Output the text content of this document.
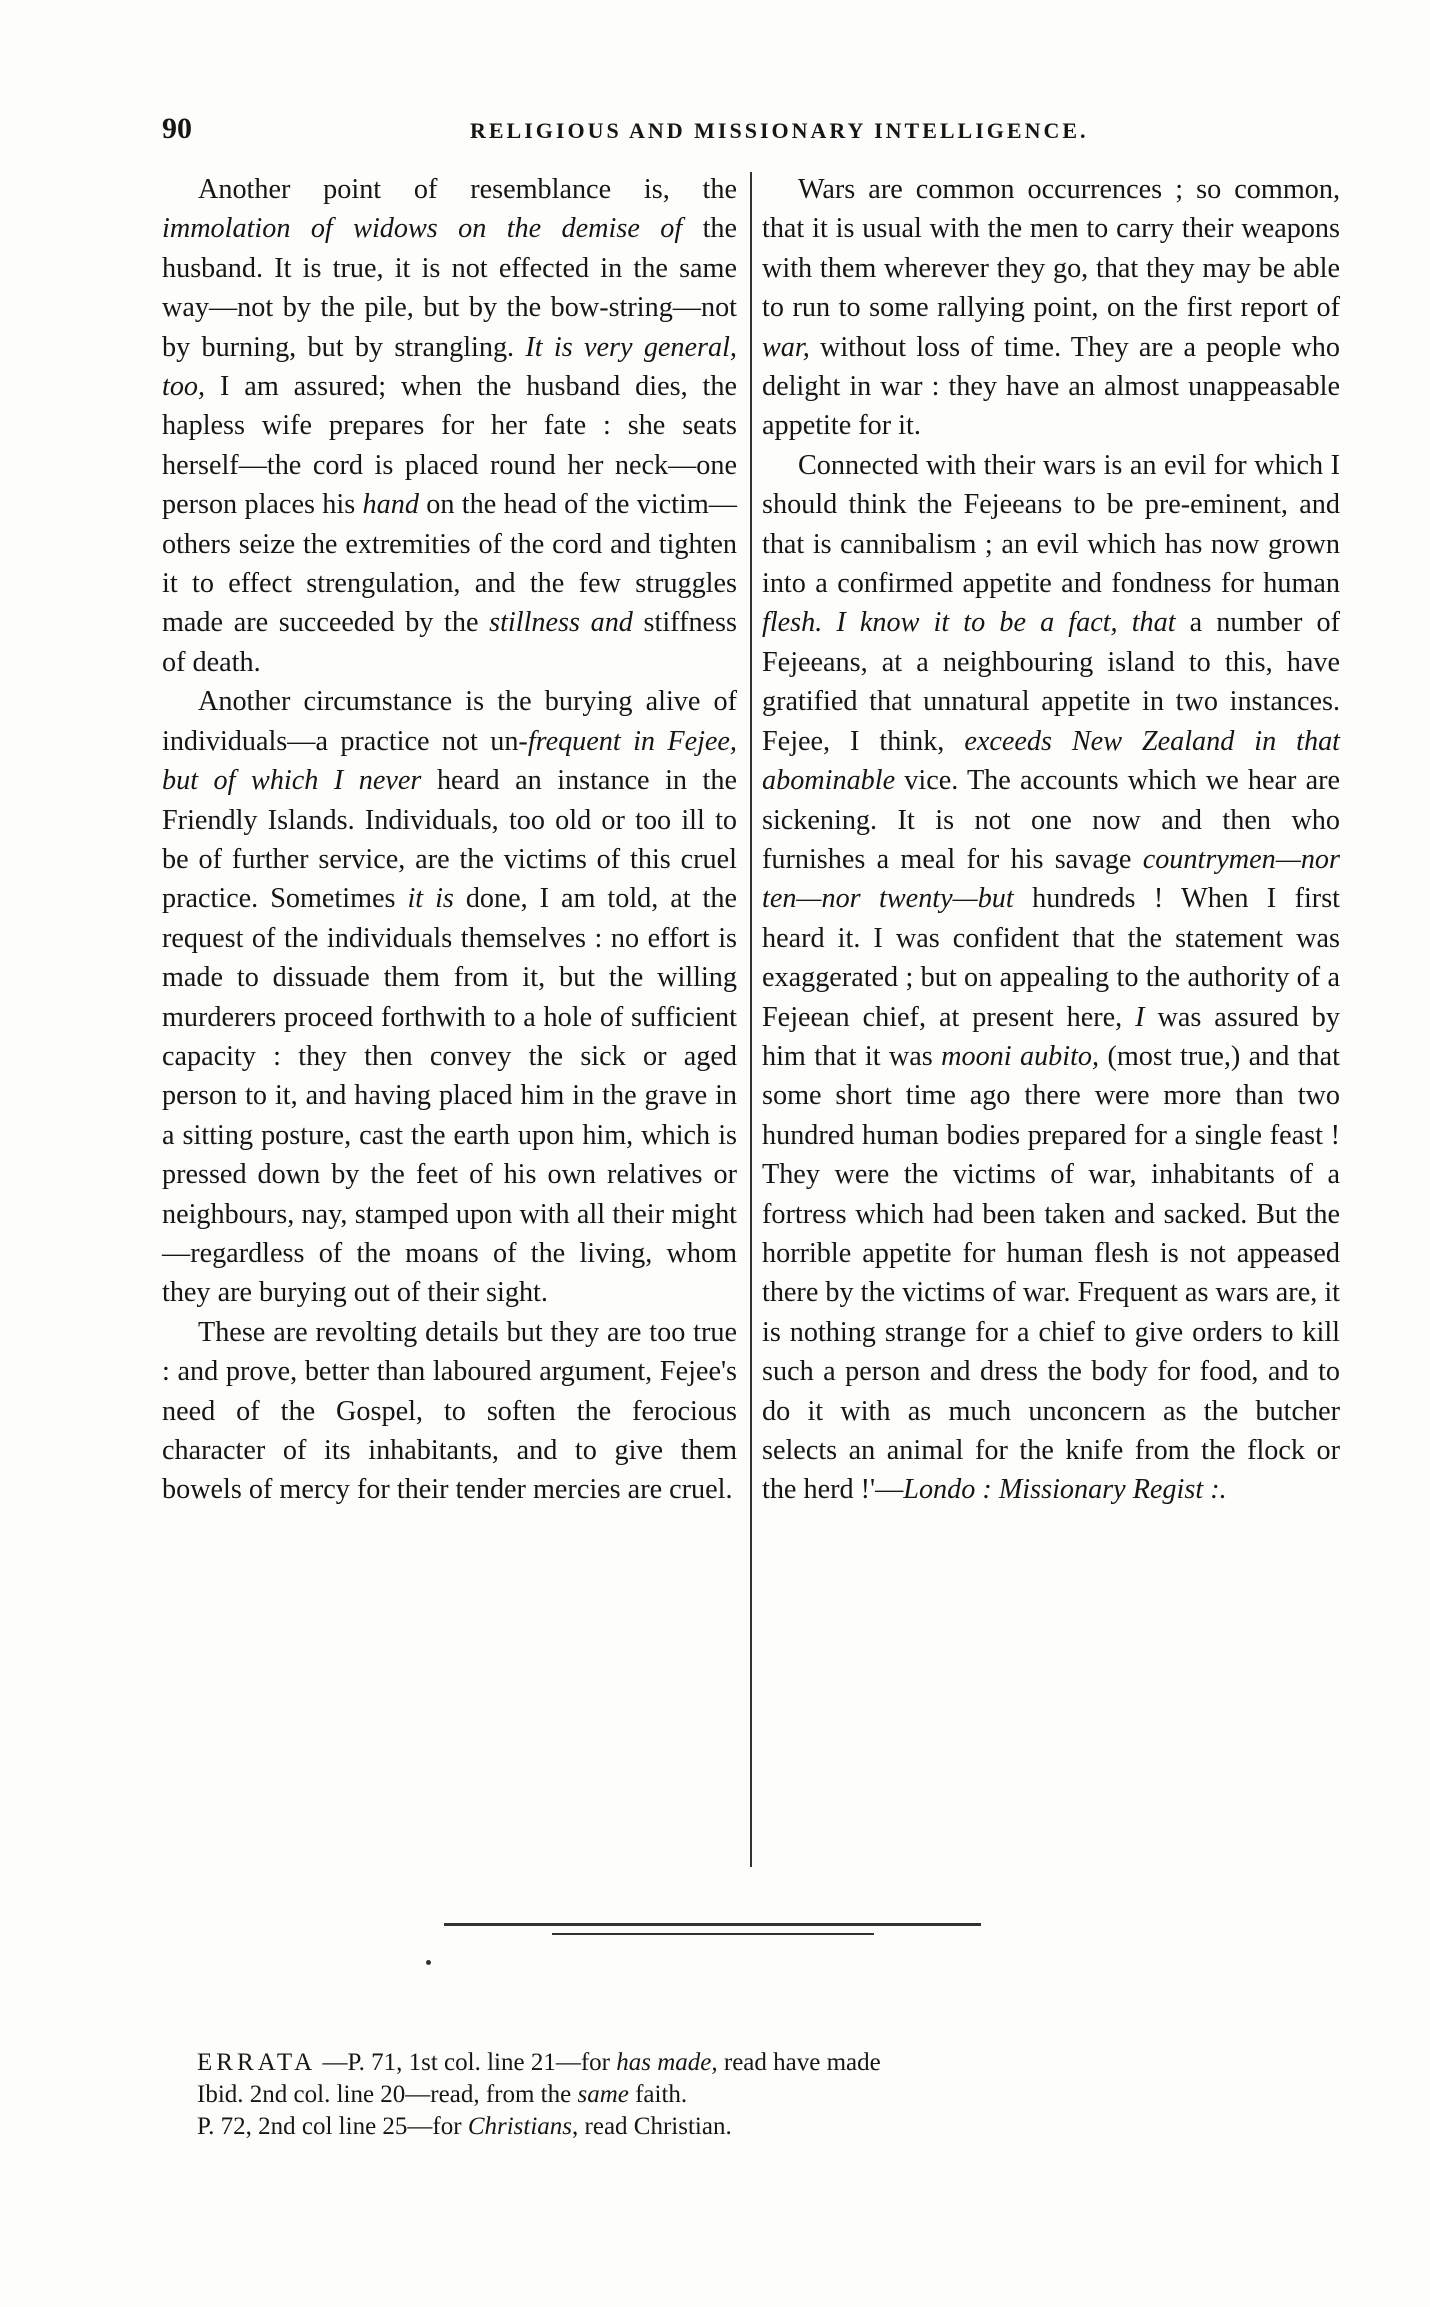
90	RELIGIOUS AND MISSIONARY INTELLIGENCE.

Another point of resemblance is, the immolation of widows on the demise of the husband. It is true, it is not effected in the same way—not by the pile, but by the bow-string—not by burning, but by strangling. It is very general, too, I am assured; when the husband dies, the hapless wife prepares for her fate : she seats herself—the cord is placed round her neck—one person places his hand on the head of the victim—others seize the extremities of the cord and tighten it to effect strengulation, and the few struggles made are succeeded by the stillness and stiffness of death.

Another circumstance is the burying alive of individuals—a practice not un-frequent in Fejee, but of which I never heard an instance in the Friendly Islands. Individuals, too old or too ill to be of further service, are the victims of this cruel practice. Sometimes it is done, I am told, at the request of the individuals themselves : no effort is made to dissuade them from it, but the willing murderers proceed forthwith to a hole of sufficient capacity : they then convey the sick or aged person to it, and having placed him in the grave in a sitting posture, cast the earth upon him, which is pressed down by the feet of his own relatives or neighbours, nay, stamped upon with all their might—regardless of the moans of the living, whom they are burying out of their sight.

These are revolting details but they are too true : and prove, better than laboured argument, Fejee's need of the Gospel, to soften the ferocious character of its inhabitants, and to give them bowels of mercy for their tender mercies are cruel.

Wars are common occurrences ; so common, that it is usual with the men to carry their weapons with them wherever they go, that they may be able to run to some rallying point, on the first report of war, without loss of time. They are a people who delight in war : they have an almost unappeasable appetite for it.

Connected with their wars is an evil for which I should think the Fejeeans to be pre-eminent, and that is cannibalism ; an evil which has now grown into a confirmed appetite and fondness for human flesh. I know it to be a fact, that a number of Fejeeans, at a neighbouring island to this, have gratified that unnatural appetite in two instances. Fejee, I think, exceeds New Zealand in that abominable vice. The accounts which we hear are sickening. It is not one now and then who furnishes a meal for his savage countrymen—nor ten—nor twenty—but hundreds ! When I first heard it. I was confident that the statement was exaggerated ; but on appealing to the authority of a Fejeean chief, at present here, I was assured by him that it was mooni aubito, (most true,) and that some short time ago there were more than two hundred human bodies prepared for a single feast ! They were the victims of war, inhabitants of a fortress which had been taken and sacked. But the horrible appetite for human flesh is not appeased there by the victims of war. Frequent as wars are, it is nothing strange for a chief to give orders to kill such a person and dress the body for food, and to do it with as much unconcern as the butcher selects an animal for the knife from the flock or the herd !'—Londo : Missionary Regist :.

ERRATA —P. 71, 1st col. line 21—for has made, read have made
Ibid. 2nd col. line 20—read, from the same faith.
P. 72, 2nd col line 25—for Christians, read Christian.
